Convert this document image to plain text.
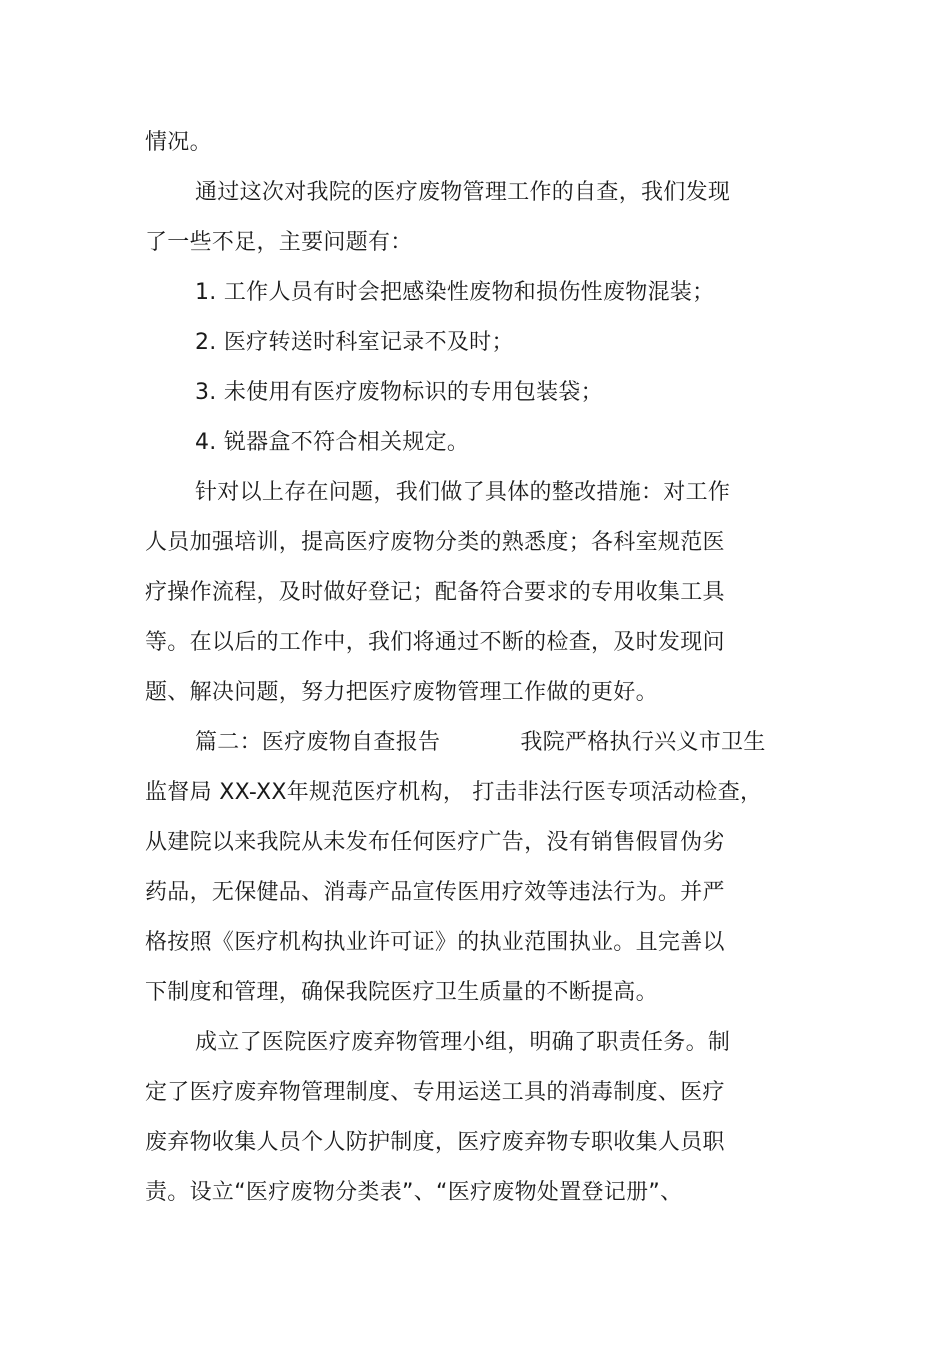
情况。
通过这次对我院的医疗废物管理工作的自查，我们发现
了一些不足，主要问题有：
1. 工作人员有时会把感染性废物和损伤性废物混装；
2. 医疗转送时科室记录不及时；
3. 未使用有医疗废物标识的专用包装袋；
4. 锐器盒不符合相关规定。
针对以上存在问题，我们做了具体的整改措施：对工作
人员加强培训，提高医疗废物分类的熟悉度；各科室规范医
疗操作流程，及时做好登记；配备符合要求的专用收集工具
等。在以后的工作中，我们将通过不断的检查，及时发现问
题、解决问题，努力把医疗废物管理工作做的更好。
篇二：医疗废物自查报告	我院严格执行兴义市卫生
监督局 XX-XX年规范医疗机构， 打击非法行医专项活动检查，
从建院以来我院从未发布任何医疗广告，没有销售假冒伪劣
药品，无保健品、消毒产品宣传医用疗效等违法行为。并严
格按照《医疗机构执业许可证》的执业范围执业。且完善以
下制度和管理，确保我院医疗卫生质量的不断提高。
成立了医院医疗废弃物管理小组，明确了职责任务。制
定了医疗废弃物管理制度、专用运送工具的消毒制度、医疗
废弃物收集人员个人防护制度，医疗废弃物专职收集人员职
责。设立“医疗废物分类表”、“医疗废物处置登记册”、
